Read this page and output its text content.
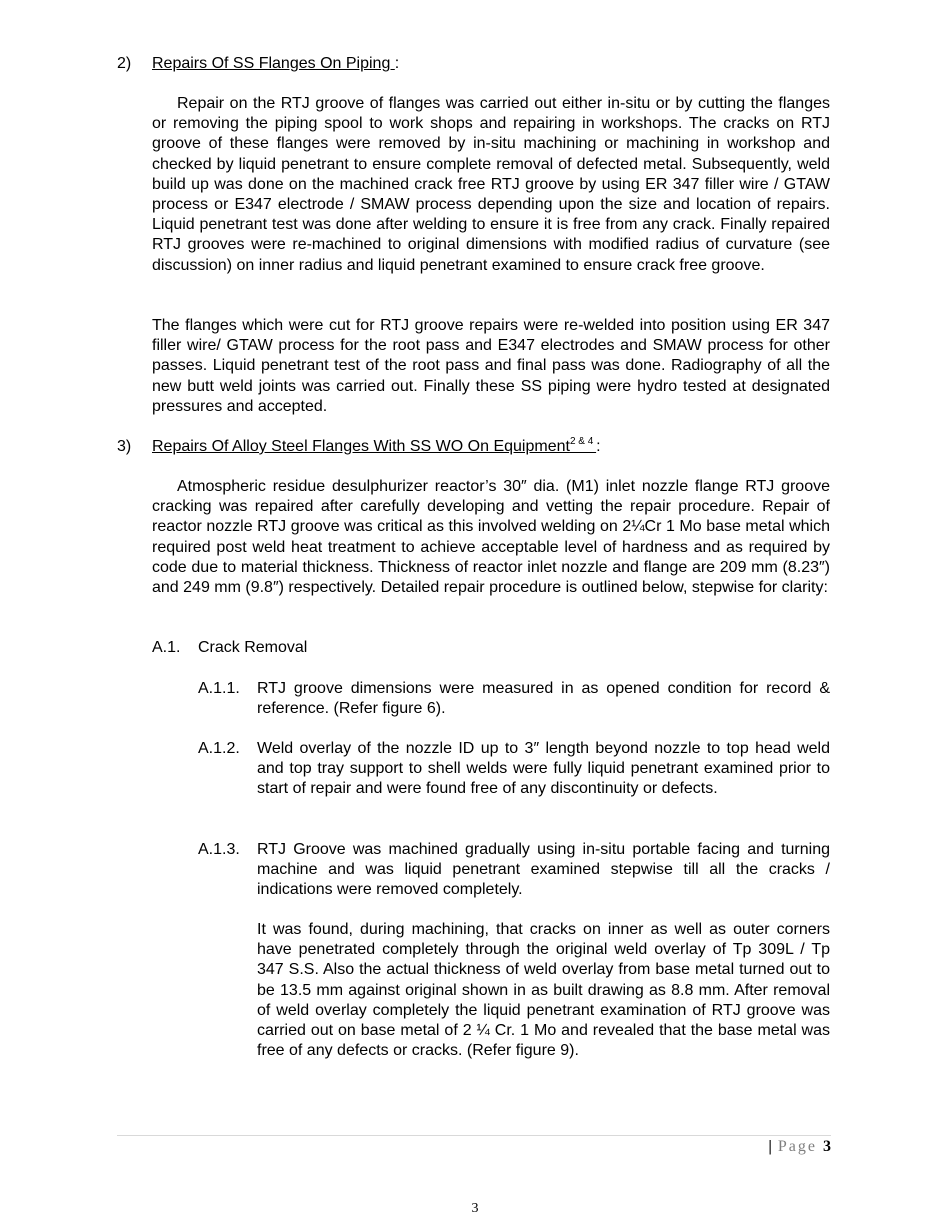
2) Repairs Of SS Flanges On Piping :

Repair on the RTJ groove of flanges was carried out either in-situ or by cutting the flanges or removing the piping spool to work shops and repairing in workshops. The cracks on RTJ groove of these flanges were removed by in-situ machining or machining in workshop and checked by liquid penetrant to ensure complete removal of defected metal. Subsequently, weld build up was done on the machined crack free RTJ groove by using ER 347 filler wire / GTAW process or E347 electrode / SMAW process depending upon the size and location of repairs. Liquid penetrant test was done after welding to ensure it is free from any crack. Finally repaired RTJ grooves were re-machined to original dimensions with modified radius of curvature (see discussion) on inner radius and liquid penetrant examined to ensure crack free groove.

The flanges which were cut for RTJ groove repairs were re-welded into position using ER 347 filler wire/ GTAW process for the root pass and E347 electrodes and SMAW process for other passes. Liquid penetrant test of the root pass and final pass was done. Radiography of all the new butt weld joints was carried out. Finally these SS piping were hydro tested at designated pressures and accepted.

3) Repairs Of Alloy Steel Flanges With SS WO On Equipment$^{2 \& 4}$ :

Atmospheric residue desulphurizer reactor’s 30″ dia. (M1) inlet nozzle flange RTJ groove cracking was repaired after carefully developing and vetting the repair procedure. Repair of reactor nozzle RTJ groove was critical as this involved welding on 2¼Cr 1 Mo base metal which required post weld heat treatment to achieve acceptable level of hardness and as required by code due to material thickness. Thickness of reactor inlet nozzle and flange are 209 mm (8.23″) and 249 mm (9.8″) respectively. Detailed repair procedure is outlined below, stepwise for clarity:

A.1. Crack Removal
A.1.1. RTJ groove dimensions were measured in as opened condition for record & reference. (Refer figure 6).

A.1.2. Weld overlay of the nozzle ID up to 3″ length beyond nozzle to top head weld and top tray support to shell welds were fully liquid penetrant examined prior to start of repair and were found free of any discontinuity or defects.

A.1.3. RTJ Groove was machined gradually using in-situ portable facing and turning machine and was liquid penetrant examined stepwise till all the cracks / indications were removed completely.

It was found, during machining, that cracks on inner as well as outer corners have penetrated completely through the original weld overlay of Tp 309L / Tp 347 S.S. Also the actual thickness of weld overlay from base metal turned out to be 13.5 mm against original shown in as built drawing as 8.8 mm. After removal of weld overlay completely the liquid penetrant examination of RTJ groove was carried out on base metal of 2 ¼ Cr. 1 Mo and revealed that the base metal was free of any defects or cracks. (Refer figure 9).

| Page 3
3
